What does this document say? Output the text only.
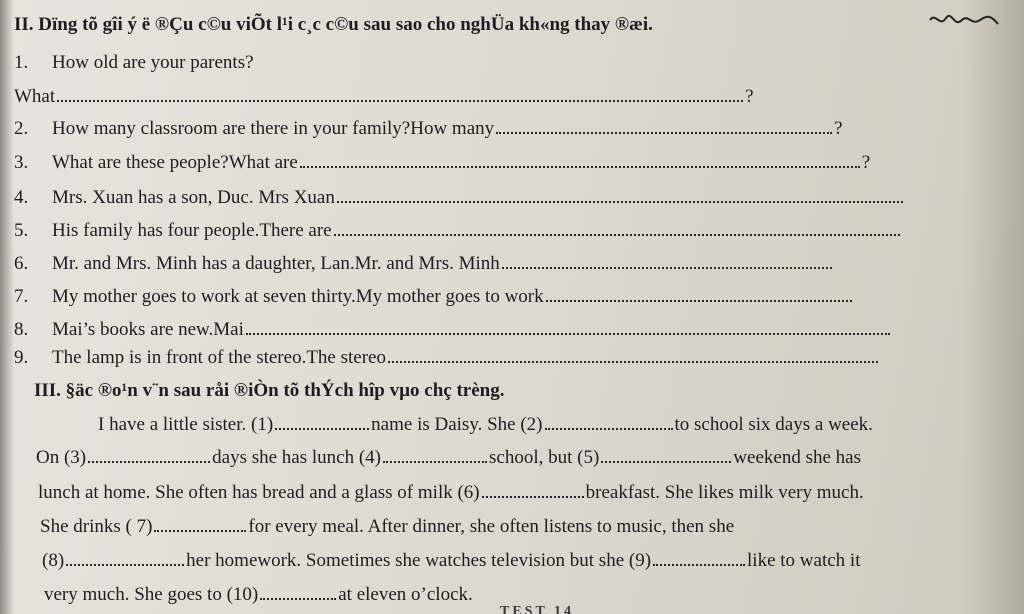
II. Dïng tõ gîi ý ë ®Çu c©u viÕt l¹i c¸c c©u sau sao cho nghÜa kh«ng thay ®æi.
1. How old are your parents?
What	?
2. How many classroom are there in your family?How many	?
3. What are these people?What are	?
4. Mrs. Xuan has a son, Duc. Mrs Xuan
5. His family has four people.There are
6. Mr. and Mrs. Minh has a daughter, Lan.Mr. and Mrs. Minh
7. My mother goes to work at seven thirty.My mother goes to work
8. Mai’s books are new.Mai
9. The lamp is in front of the stereo.The stereo
III. §äc ®o¹n v¨n sau råi ®iÒn tõ thÝch hîp vµo chç trèng.
I have a little sister. (1)	name is Daisy. She (2)	to school six days a week.
On (3)	days she has lunch (4)	school, but (5)	weekend she has
lunch at home. She often has bread and a glass of milk (6)	breakfast. She likes milk very much.
She drinks ( 7)	for every meal. After dinner, she often listens to music, then she
(8)	her homework. Sometimes she watches television but she (9)	like to watch it
very much. She goes to (10)	at eleven o’clock.
TEST 14
